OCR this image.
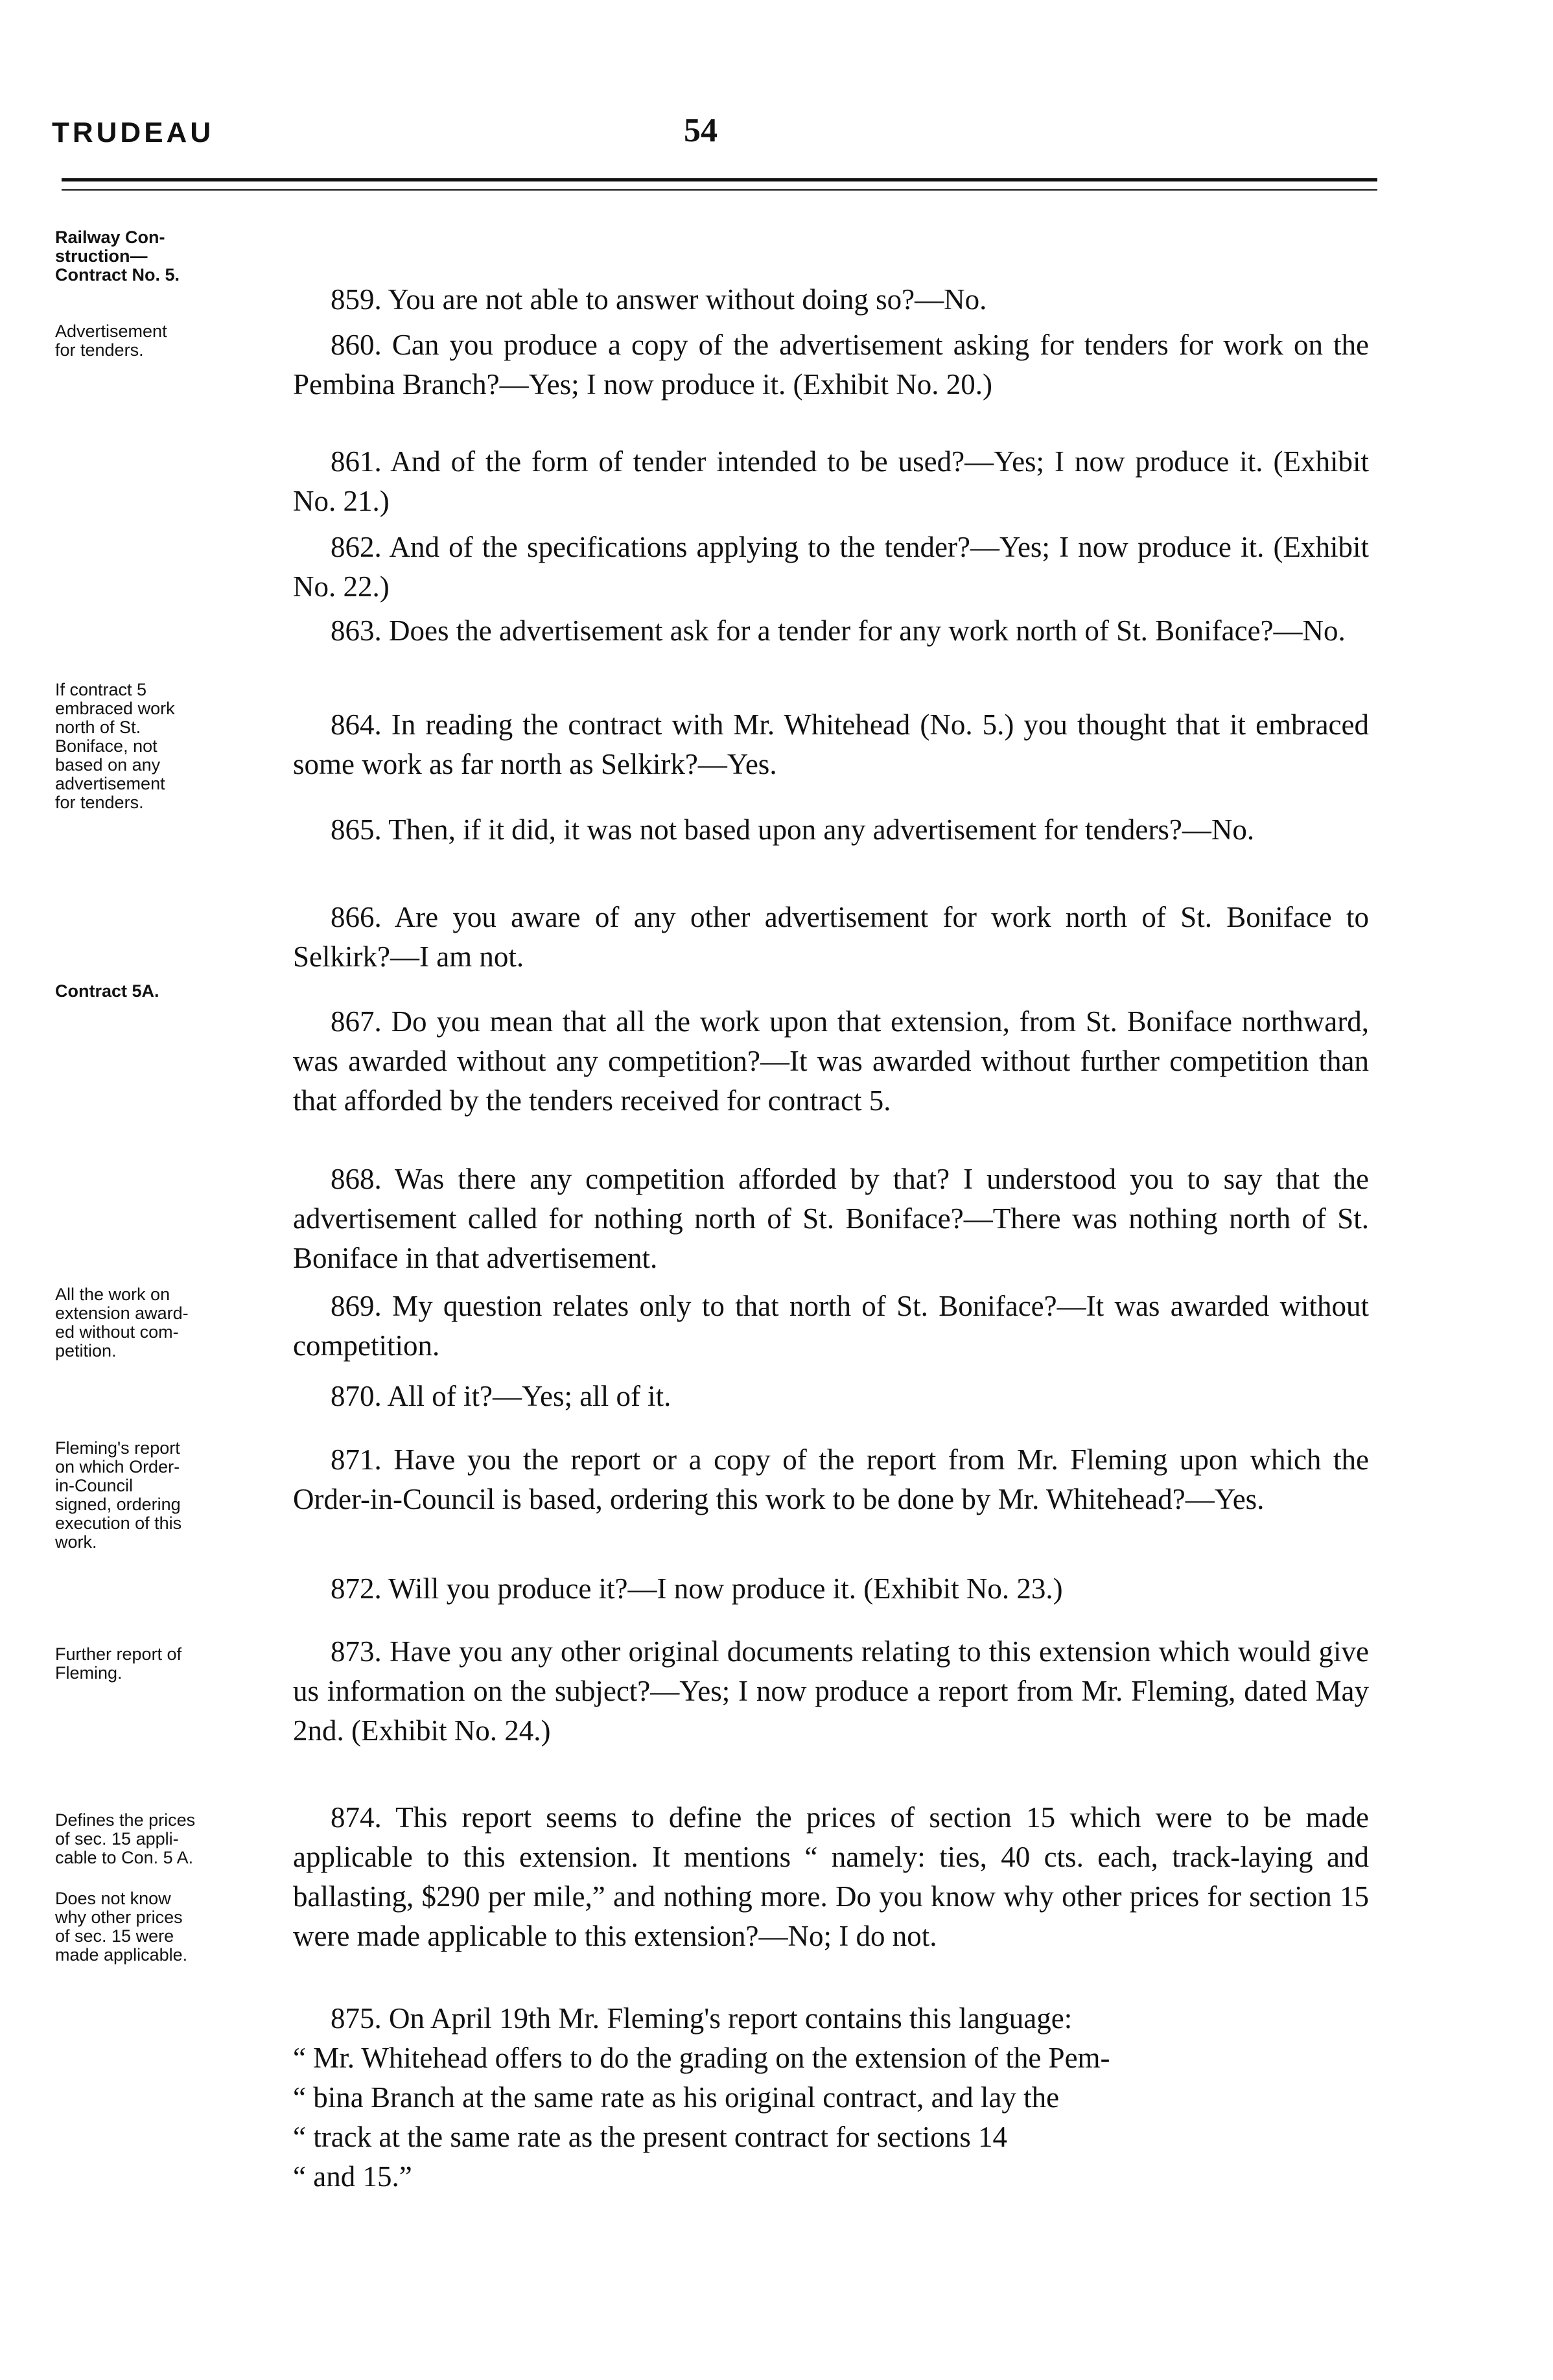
TRUDEAU	54
Railway Con-
struction—
Contract No. 5.
Advertisement
for tenders.
If contract 5
embraced work
north of St.
Boniface, not
based on any
advertisement
for tenders.
Contract 5A.
All the work on
extension award-
ed without com-
petition.
Fleming's report
on which Order-
in-Council
signed, ordering
execution of this
work.
Further report of
Fleming.
Defines the prices
of sec. 15 appli-
cable to Con. 5 A.
Does not know
why other prices
of sec. 15 were
made applicable.
859. You are not able to answer without doing so?—No.
860. Can you produce a copy of the advertisement asking for tenders for work on the Pembina Branch?—Yes; I now produce it. (Exhibit No. 20.)
861. And of the form of tender intended to be used?—Yes; I now produce it. (Exhibit No. 21.)
862. And of the specifications applying to the tender?—Yes; I now produce it. (Exhibit No. 22.)
863. Does the advertisement ask for a tender for any work north of St. Boniface?—No.
864. In reading the contract with Mr. Whitehead (No. 5.) you thought that it embraced some work as far north as Selkirk?—Yes.
865. Then, if it did, it was not based upon any advertisement for tenders?—No.
866. Are you aware of any other advertisement for work north of St. Boniface to Selkirk?—I am not.
867. Do you mean that all the work upon that extension, from St. Boniface northward, was awarded without any competition?—It was awarded without further competition than that afforded by the tenders received for contract 5.
868. Was there any competition afforded by that? I understood you to say that the advertisement called for nothing north of St. Boniface?—There was nothing north of St. Boniface in that advertisement.
869. My question relates only to that north of St. Boniface?—It was awarded without competition.
870. All of it?—Yes; all of it.
871. Have you the report or a copy of the report from Mr. Fleming upon which the Order-in-Council is based, ordering this work to be done by Mr. Whitehead?—Yes.
872. Will you produce it?—I now produce it. (Exhibit No. 23.)
873. Have you any other original documents relating to this extension which would give us information on the subject?—Yes; I now produce a report from Mr. Fleming, dated May 2nd. (Exhibit No. 24.)
874. This report seems to define the prices of section 15 which were to be made applicable to this extension. It mentions “ namely: ties, 40 cts. each, track-laying and ballasting, $290 per mile,” and nothing more. Do you know why other prices for section 15 were made applicable to this extension?—No; I do not.
875. On April 19th Mr. Fleming's report contains this language:
“ Mr. Whitehead offers to do the grading on the extension of the Pem-
“ bina Branch at the same rate as his original contract, and lay the
“ track at the same rate as the present contract for sections 14
“ and 15.”
